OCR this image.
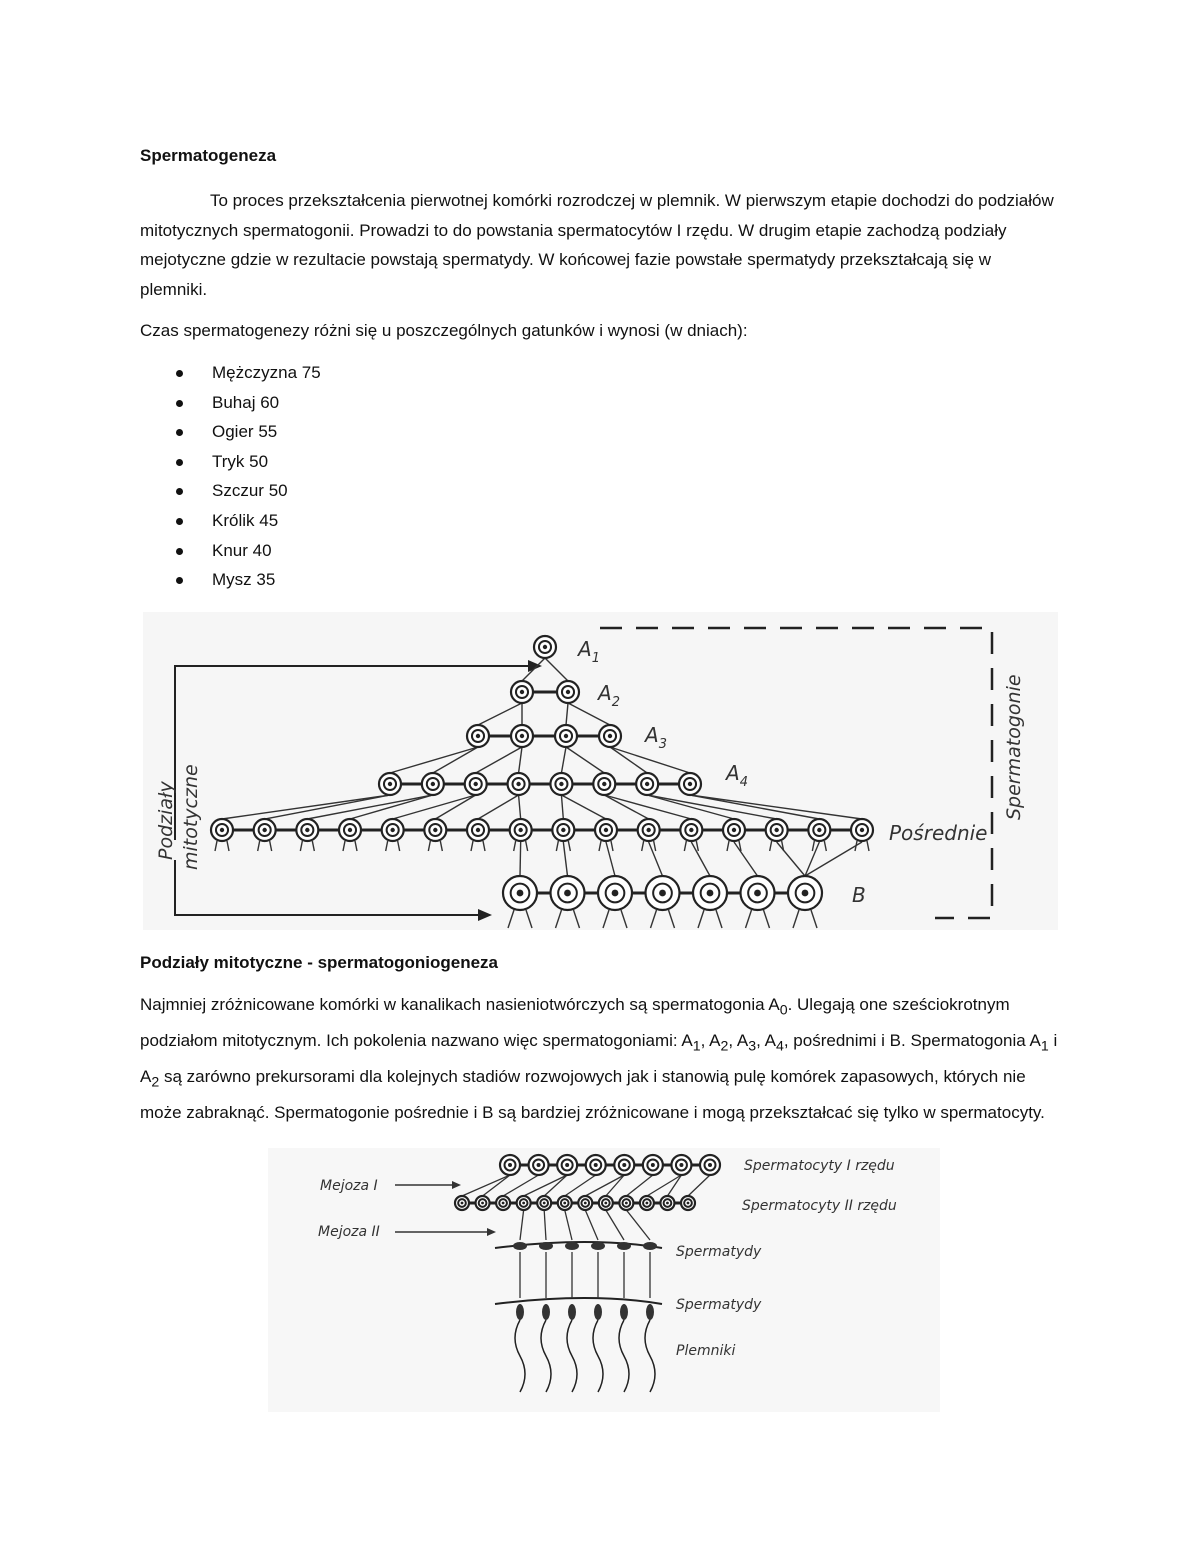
Spermatogeneza

To proces przekształcenia pierwotnej komórki rozrodczej w plemnik. W pierwszym etapie dochodzi do podziałów mitotycznych spermatogonii. Prowadzi to do powstania spermatocytów I rzędu. W drugim etapie zachodzą podziały mejotyczne gdzie w rezultacie powstają spermatydy. W końcowej fazie powstałe spermatydy przekształcają się w plemniki.

Czas spermatogenezy różni się u poszczególnych gatunków i wynosi (w dniach):
Mężczyzna 75
Buhaj 60
Ogier 55
Tryk 50
Szczur 50
Królik 45
Knur 40
Mysz 35
$A_1$
$A_2$
$A_3$
$A_4$
Pośrednie
B
Podziały mitotyczne	Spermatogonie
Mejoza I
Mejoza II
Spermatocyty I rzędu
Spermatocyty II rzędu
Spermatydy
Spermatydy
Plemniki
Podziały mitotyczne - spermatogoniogeneza

Najmniej zróżnicowane komórki w kanalikach nasieniotwórczych są spermatogonia $A_0$. Ulegają one sześciokrotnym podziałom mitotycznym. Ich pokolenia nazwano więc spermatogoniami: $A_1$, $A_2$, $A_3$, $A_4$, pośrednimi i B. Spermatogonia $A_1$ i $A_2$ są zarówno prekursorami dla kolejnych stadiów rozwojowych jak i stanowią pulę komórek zapasowych, których nie może zabraknąć. Spermatogonie pośrednie i B są bardziej zróżnicowane i mogą przekształcać się tylko w spermatocyty.
